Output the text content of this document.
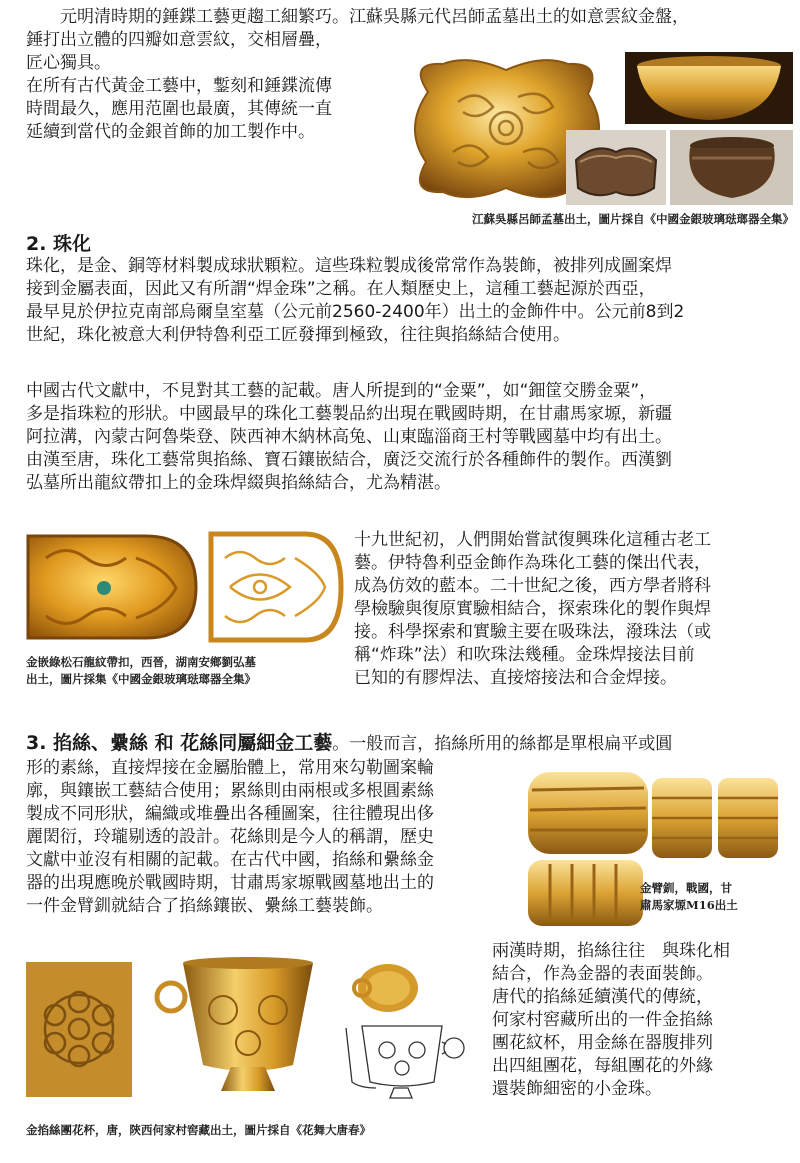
元明清時期的錘鍱工藝更趨工細繁巧。江蘇吳縣元代呂師孟墓出土的如意雲紋金盤，

錘打出立體的四瓣如意雲紋，交相層疊，

匠心獨具。

在所有古代黃金工藝中，鏨刻和錘鍱流傳

時間最久，應用范圍也最廣，其傳統一直

延續到當代的金銀首飾的加工製作中。

江蘇吳縣呂師孟墓出土，圖片採自《中國金銀玻璃琺瑯器全集》

2. 珠化

珠化，是金、銅等材料製成球狀顆粒。這些珠粒製成後常常作為裝飾，被排列成圖案焊

接到金屬表面，因此又有所謂“焊金珠”之稱。在人類歷史上，這種工藝起源於西亞，

最早見於伊拉克南部烏爾皇室墓（公元前2560-2400年）出土的金飾件中。公元前8到2

世紀，珠化被意大利伊特魯利亞工匠發揮到極致，往往與掐絲結合使用。

中國古代文獻中，不見對其工藝的記載。唐人所提到的“金粟”，如“鈿筐交勝金粟”，

多是指珠粒的形狀。中國最早的珠化工藝製品約出現在戰國時期，在甘肅馬家塬，新疆

阿拉溝，內蒙古阿魯柴登、陝西神木納林高兔、山東臨淄商王村等戰國墓中均有出土。

由漢至唐，珠化工藝常與掐絲、寶石鑲嵌結合，廣泛交流行於各種飾件的製作。西漢劉

弘墓所出龍紋帶扣上的金珠焊綴與掐絲結合，尤為精湛。

金嵌綠松石龍紋帶扣，西晉，湖南安鄉劉弘墓

出土，圖片採集《中國金銀玻璃琺瑯器全集》

十九世紀初，人們開始嘗試復興珠化這種古老工

藝。伊特魯利亞金飾作為珠化工藝的傑出代表，

成為仿效的藍本。二十世紀之後，西方學者將科

學檢驗與復原實驗相結合，探索珠化的製作與焊

接。科學探索和實驗主要在吸珠法，潑珠法（或

稱“炸珠”法）和吹珠法幾種。金珠焊接法目前

已知的有膠焊法、直接熔接法和合金焊接。

3. 掐絲、纍絲 和 花絲同屬細金工藝。一般而言，掐絲所用的絲都是單根扁平或圓

形的素絲，直接焊接在金屬胎體上，常用來勾勒圖案輪

廓，與鑲嵌工藝結合使用；累絲則由兩根或多根圓素絲

製成不同形狀，編織或堆疊出各種圖案，往往體現出侈

麗閎衍，玲瓏剔透的設計。花絲則是今人的稱謂，歷史

文獻中並沒有相關的記載。在古代中國，掐絲和纍絲金

器的出現應晚於戰國時期，甘肅馬家塬戰國墓地出土的

一件金臂釧就結合了掐絲鑲嵌、纍絲工藝裝飾。

金臂釧，戰國，甘

肅馬家塬M16出土

金掐絲團花杯，唐，陝西何家村窖藏出土，圖片採自《花舞大唐春》

兩漢時期，掐絲往往　與珠化相

結合，作為金器的表面裝飾。

唐代的掐絲延續漢代的傳統，

何家村窖藏所出的一件金掐絲

團花紋杯，用金絲在器腹排列

出四組團花，每組團花的外緣

還裝飾細密的小金珠。
